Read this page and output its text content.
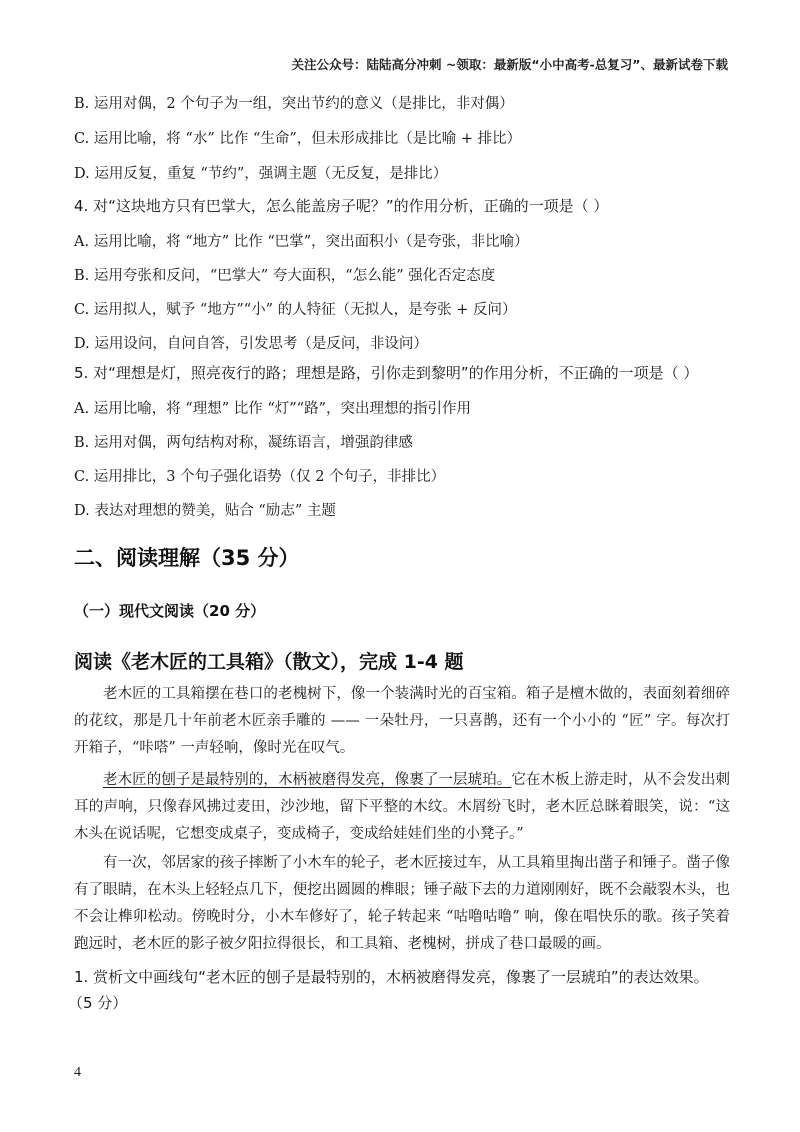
关注公众号：陆陆高分冲刺 ~领取：最新版“小中高考-总复习”、最新试卷下载
B. 运用对偶，2 个句子为一组，突出节约的意义（是排比，非对偶）
C. 运用比喻，将 “水” 比作 “生命”，但未形成排比（是比喻 + 排比）
D. 运用反复，重复 “节约”，强调主题（无反复，是排比）
4. 对“这块地方只有巴掌大，怎么能盖房子呢？”的作用分析，正确的一项是（ ）
A. 运用比喻，将 “地方” 比作 “巴掌”，突出面积小（是夸张，非比喻）
B. 运用夸张和反问，“巴掌大” 夸大面积，“怎么能” 强化否定态度
C. 运用拟人，赋予 “地方”“小” 的人特征（无拟人，是夸张 + 反问）
D. 运用设问，自问自答，引发思考（是反问，非设问）
5. 对“理想是灯，照亮夜行的路；理想是路，引你走到黎明”的作用分析，不正确的一项是（ ）
A. 运用比喻，将 “理想” 比作 “灯”“路”，突出理想的指引作用
B. 运用对偶，两句结构对称，凝练语言，增强韵律感
C. 运用排比，3 个句子强化语势（仅 2 个句子，非排比）
D. 表达对理想的赞美，贴合 “励志” 主题
二、阅读理解（35 分）
（一）现代文阅读（20 分）
阅读《老木匠的工具箱》（散文），完成 1-4 题
老木匠的工具箱摆在巷口的老槐树下，像一个装满时光的百宝箱。箱子是檀木做的，表面刻着细碎的花纹，那是几十年前老木匠亲手雕的 —— 一朵牡丹，一只喜鹊，还有一个小小的 “匠” 字。每次打开箱子，“咔嗒” 一声轻响，像时光在叹气。
老木匠的刨子是最特别的，木柄被磨得发亮，像裹了一层琥珀。它在木板上游走时，从不会发出刺耳的声响，只像春风拂过麦田，沙沙地，留下平整的木纹。木屑纷飞时，老木匠总眯着眼笑，说：“这木头在说话呢，它想变成桌子，变成椅子，变成给娃娃们坐的小凳子。”
有一次，邻居家的孩子摔断了小木车的轮子，老木匠接过车，从工具箱里掏出凿子和锤子。凿子像有了眼睛，在木头上轻轻点几下，便挖出圆圆的榫眼；锤子敲下去的力道刚刚好，既不会敲裂木头，也不会让榫卯松动。傍晚时分，小木车修好了，轮子转起来 “咕噜咕噜” 响，像在唱快乐的歌。孩子笑着跑远时，老木匠的影子被夕阳拉得很长，和工具箱、老槐树，拼成了巷口最暖的画。
1. 赏析文中画线句“老木匠的刨子是最特别的，木柄被磨得发亮，像裹了一层琥珀”的表达效果。
（5 分）
4
